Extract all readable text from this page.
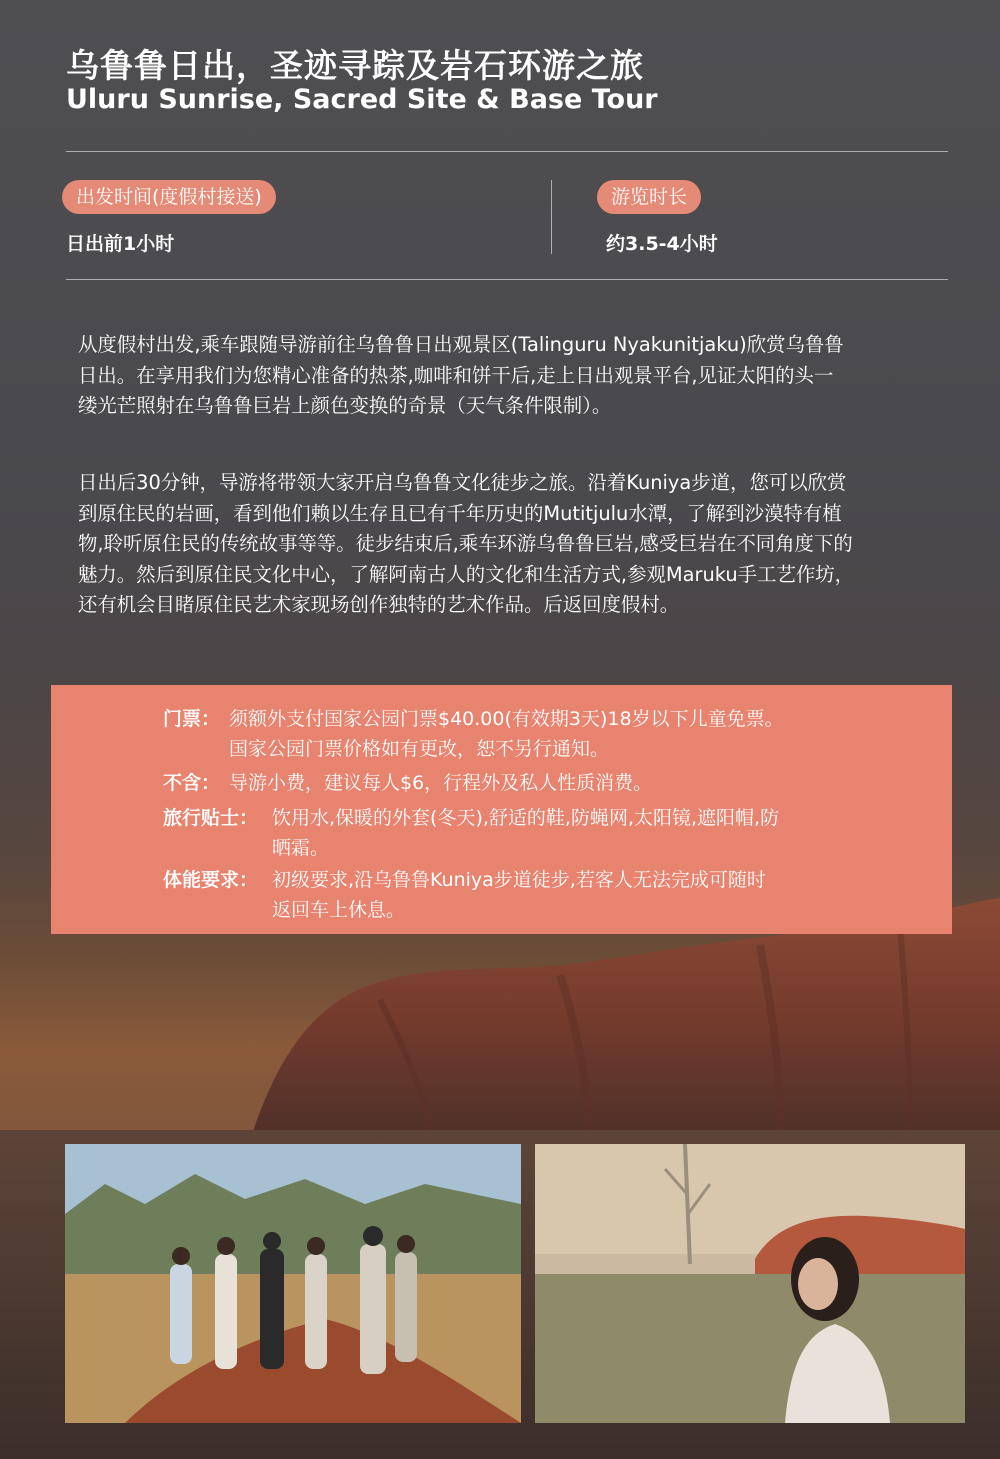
乌鲁鲁日出，圣迹寻踪及岩石环游之旅
Uluru Sunrise, Sacred Site & Base Tour
出发时间(度假村接送)
日出前1小时
游览时长
约3.5-4小时
从度假村出发,乘车跟随导游前往乌鲁鲁日出观景区(Talinguru Nyakunitjaku)欣赏乌鲁鲁
日出。在享用我们为您精心准备的热茶,咖啡和饼干后,走上日出观景平台,见证太阳的头一
缕光芒照射在乌鲁鲁巨岩上颜色变换的奇景（天气条件限制）。
日出后30分钟，导游将带领大家开启乌鲁鲁文化徒步之旅。沿着Kuniya步道，您可以欣赏
到原住民的岩画，看到他们赖以生存且已有千年历史的Mutitjulu水潭，了解到沙漠特有植
物,聆听原住民的传统故事等等。徒步结束后,乘车环游乌鲁鲁巨岩,感受巨岩在不同角度下的
魅力。然后到原住民文化中心，了解阿南古人的文化和生活方式,参观Maruku手工艺作坊，
还有机会目睹原住民艺术家现场创作独特的艺术作品。后返回度假村。
门票： 须额外支付国家公园门票$40.00(有效期3天)18岁以下儿童免票。
国家公园门票价格如有更改，恕不另行通知。
不含： 导游小费，建议每人$6，行程外及私人性质消费。
旅行贴士： 饮用水,保暖的外套(冬天),舒适的鞋,防蝇网,太阳镜,遮阳帽,防
晒霜。
体能要求： 初级要求,沿乌鲁鲁Kuniya步道徒步,若客人无法完成可随时
返回车上休息。
